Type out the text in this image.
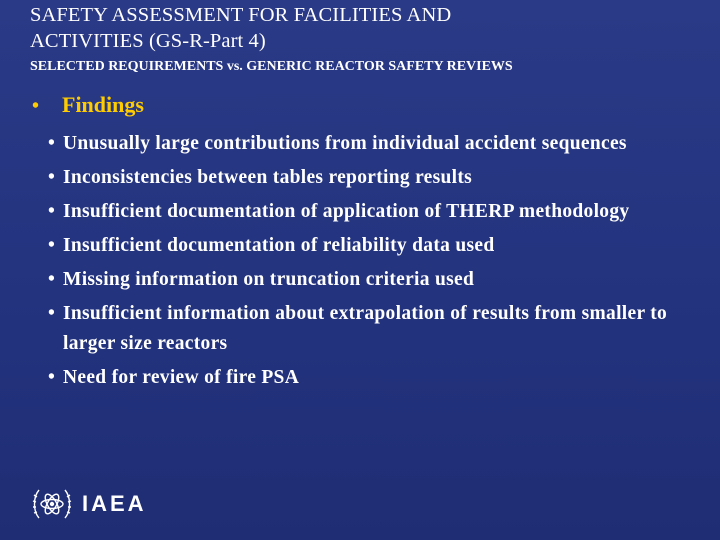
SAFETY ASSESSMENT FOR FACILITIES AND
ACTIVITIES (GS-R-Part 4)
SELECTED REQUIREMENTS vs. GENERIC REACTOR SAFETY REVIEWS
•	Findings
• Unusually large contributions from individual accident sequences
• Inconsistencies between tables reporting results
• Insufficient documentation of application of THERP methodology
• Insufficient documentation of reliability data used
• Missing information on truncation criteria used
• Insufficient information about extrapolation of results from smaller to larger size reactors
• Need for review of fire PSA
IAEA
